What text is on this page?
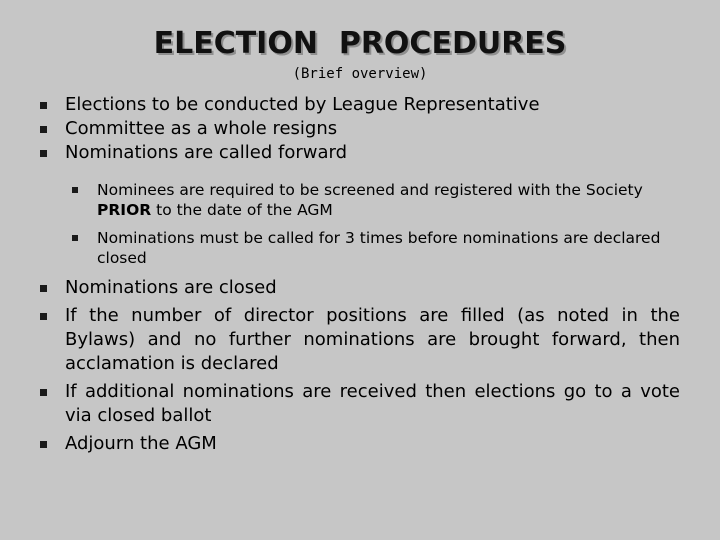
ELECTION  PROCEDURES
(Brief overview)
Elections to be conducted by League Representative
Committee as a whole resigns
Nominations are called forward
Nominees are required to be screened and registered with the Society
PRIOR to the date of the AGM
Nominations must be called for 3 times before nominations are declared closed
Nominations are closed
If the number of director positions are filled (as noted in the Bylaws) and no further nominations are brought forward, then acclamation is declared
If additional nominations are received then elections go to a vote via closed ballot
Adjourn the AGM
